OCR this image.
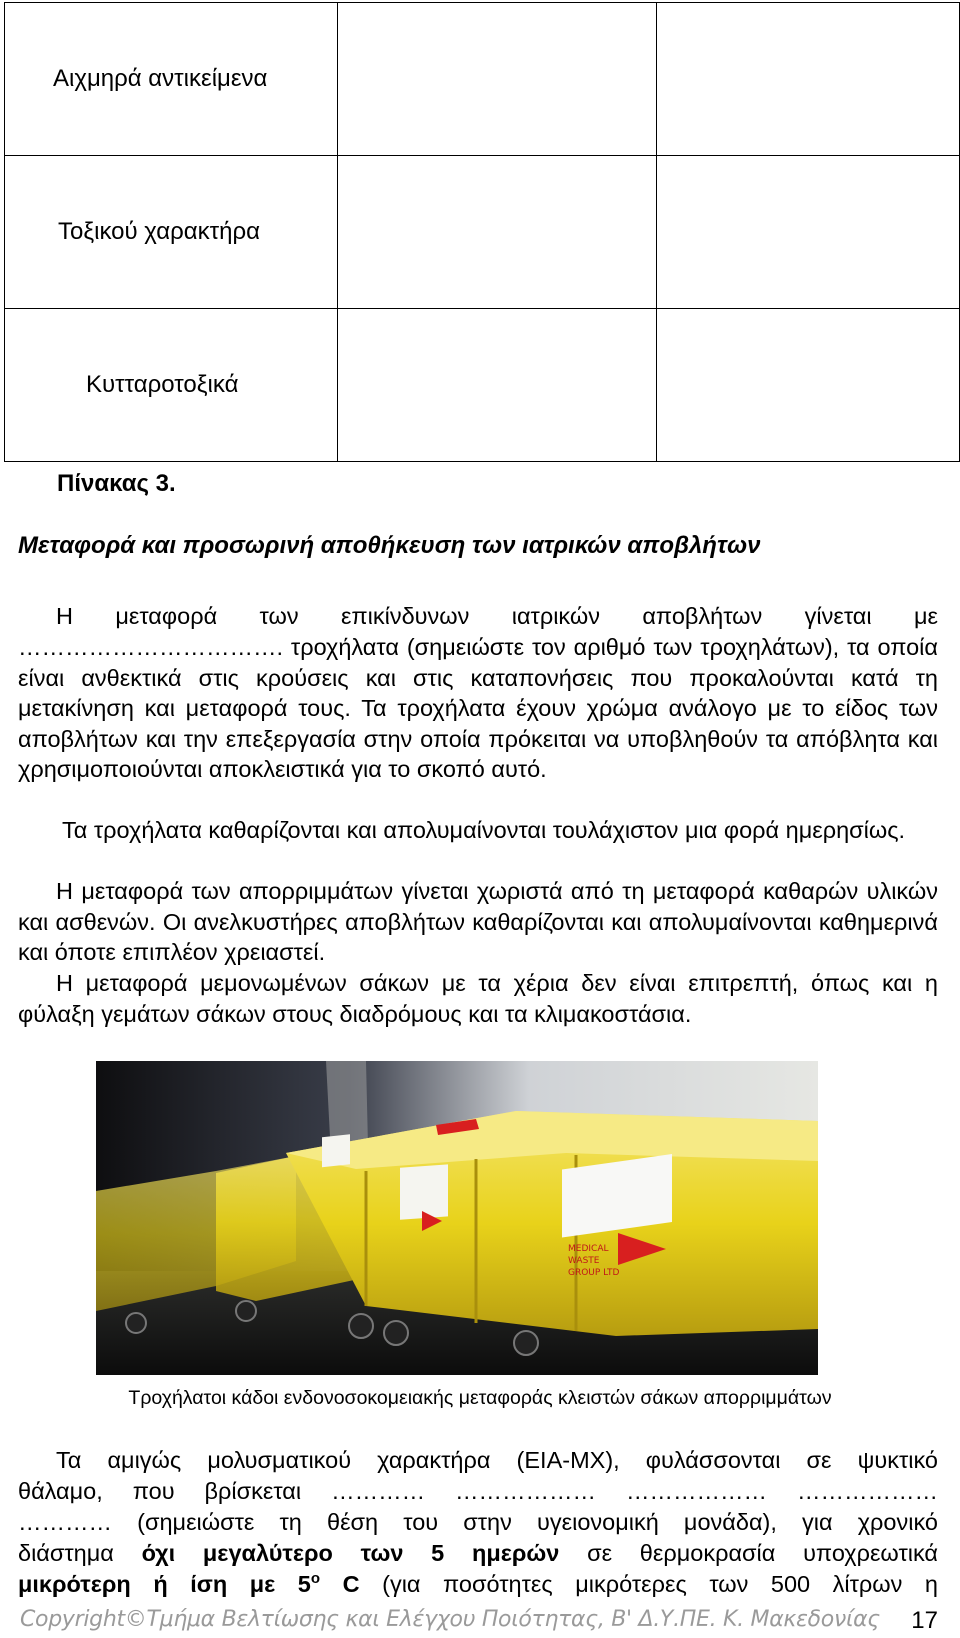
Αιχμηρά αντικείμενα		

Τοξικού χαρακτήρα		

Κυτταροτοξικά		

Πίνακας 3.
Μεταφορά και προσωρινή αποθήκευση των ιατρικών αποβλήτων

Η μεταφορά των επικίνδυνων ιατρικών αποβλήτων γίνεται με

……………………………. τροχήλατα (σημειώστε τον αριθμό των τροχηλάτων), τα οποία είναι ανθεκτικά στις κρούσεις και στις καταπονήσεις που προκαλούνται κατά τη μετακίνηση και μεταφορά τους. Τα τροχήλατα έχουν χρώμα ανάλογο με το είδος των αποβλήτων και την επεξεργασία στην οποία πρόκειται να υποβληθούν τα απόβλητα και χρησιμοποιούνται αποκλειστικά για το σκοπό αυτό.

Τα τροχήλατα καθαρίζονται και απολυμαίνονται τουλάχιστον μια φορά ημερησίως.

Η μεταφορά των απορριμμάτων γίνεται χωριστά από τη μεταφορά καθαρών υλικών και ασθενών. Οι ανελκυστήρες αποβλήτων καθαρίζονται και απολυμαίνονται καθημερινά και όποτε επιπλέον χρειαστεί.

Η μεταφορά μεμονωμένων σάκων με τα χέρια δεν είναι επιτρεπτή, όπως και η φύλαξη γεμάτων σάκων στους διαδρόμους και τα κλιμακοστάσια.

MEDICAL
WASTE
GROUP LTD
Τροχήλατοι κάδοι ενδονοσοκομειακής μεταφοράς κλειστών σάκων απορριμμάτων

Τα αμιγώς μολυσματικού χαρακτήρα (ΕΙΑ-ΜΧ), φυλάσσονται σε ψυκτικό

θάλαμο, που βρίσκεται ………… ……………… ……………… ………………

………… (σημειώστε τη θέση του στην υγειονομική μονάδα), για χρονικό

διάστημα όχι μεγαλύτερο των 5 ημερών σε θερμοκρασία υποχρεωτικά

μικρότερη ή ίση με $5^o$ C (για ποσότητες μικρότερες των 500 λίτρων η

Copyright©Τμήμα Βελτίωσης και Ελέγχου Ποιότητας, Β' Δ.Υ.ΠΕ. Κ. Μακεδονίας 17
